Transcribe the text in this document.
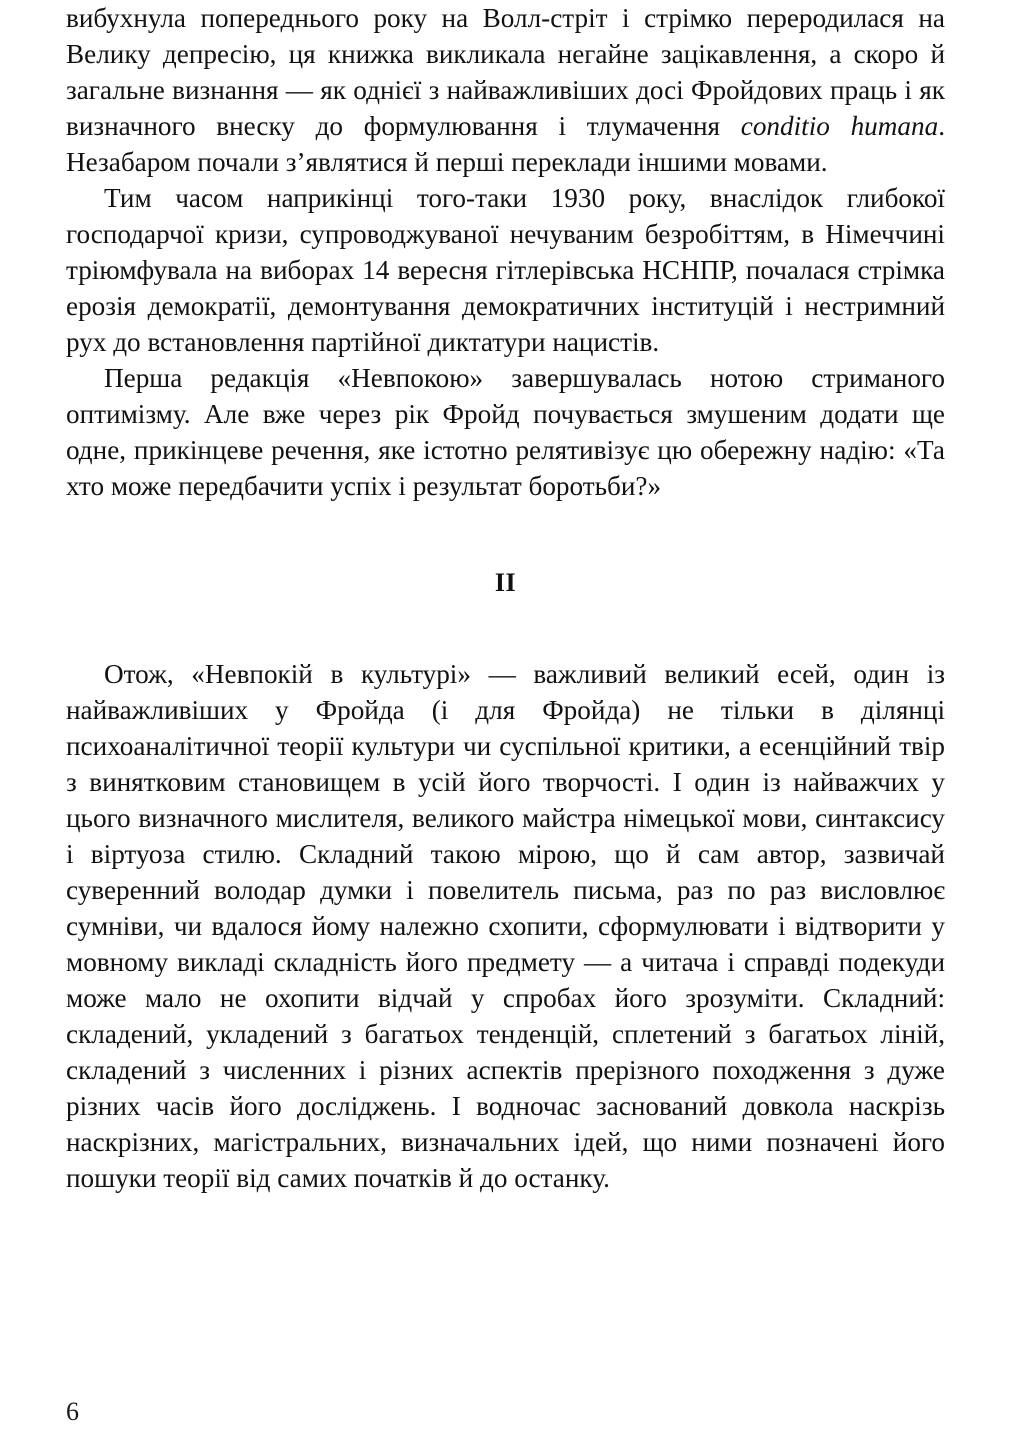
вибухнула попереднього року на Волл-стріт і стрімко переродилася на Велику депресію, ця книжка викликала негайне зацікавлення, а скоро й загальне визнання — як однієї з найважливіших досі Фройдових праць і як визначного внеску до формулювання і тлумачення conditio humana. Незабаром почали з’являтися й перші переклади іншими мовами.

Тим часом наприкінці того-таки 1930 року, внаслідок глибокої господарчої кризи, супроводжуваної нечуваним безробіттям, в Німеччині тріюмфувала на виборах 14 вересня гітлерівська НСНПР, почалася стрімка ерозія демократії, демонтування демократичних інституцій і нестримний рух до встановлення партійної диктатури нацистів.

Перша редакція «Невпокою» завершувалась нотою стриманого оптимізму. Але вже через рік Фройд почувається змушеним додати ще одне, прикінцеве речення, яке істотно релятивізує цю обережну надію: «Та хто може передбачити успіх і результат боротьби?»

II

Отож, «Невпокій в культурі» — важливий великий есей, один із найважливіших у Фройда (і для Фройда) не тільки в ділянці психоаналітичної теорії культури чи суспільної критики, а есенційний твір з винятковим становищем в усій його творчості. І один із найважчих у цього визначного мислителя, великого майстра німецької мови, синтаксису і віртуоза стилю. Складний такою мірою, що й сам автор, зазвичай суверенний володар думки і повелитель письма, раз по раз висловлює сумніви, чи вдалося йому належно схопити, сформулювати і відтворити у мовному викладі складність його предмету — а читача і справді подекуди може мало не охопити відчай у спробах його зрозуміти. Складний: складений, укладений з багатьох тенденцій, сплетений з багатьох ліній, складений з численних і різних аспектів прерізного походження з дуже різних часів його досліджень. І водночас заснований довкола наскрізь наскрізних, магістральних, визначальних ідей, що ними позначені його пошуки теорії від самих початків й до останку.

6
